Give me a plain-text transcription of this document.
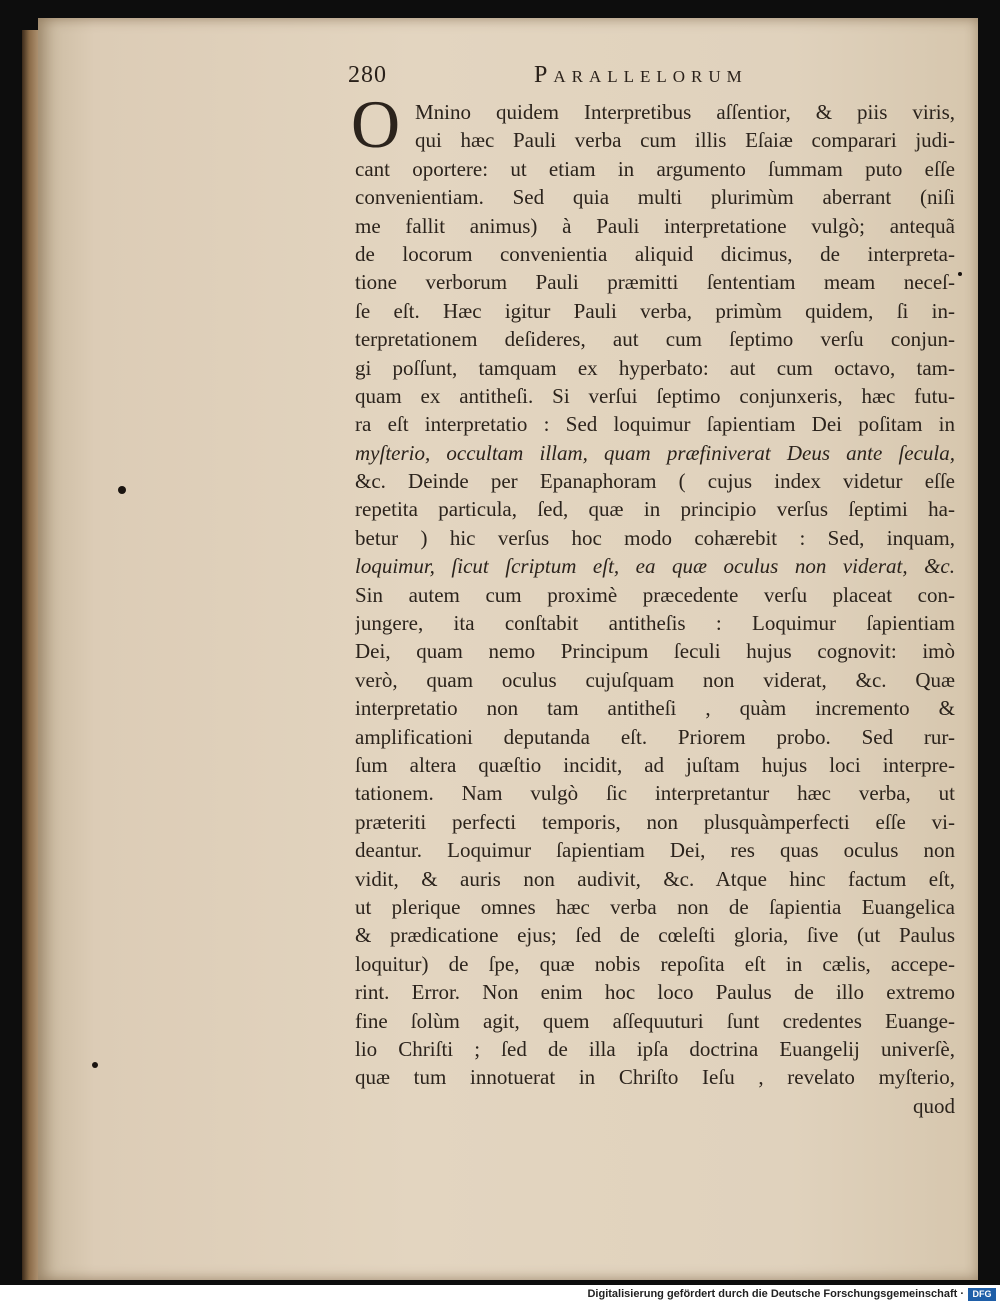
280	Parallelorum
O Mnino quidem Interpretibus aſſentior, & piis viris,
qui hæc Pauli verba cum illis Eſaiæ comparari judi-
cant oportere: ut etiam in argumento ſummam puto eſſe
convenientiam. Sed quia multi plurimùm aberrant (niſi
me fallit animus) à Pauli interpretatione vulgò; antequã
de locorum convenientia aliquid dicimus, de interpreta-
tione verborum Pauli præmitti ſententiam meam neceſ-
ſe eſt. Hæc igitur Pauli verba, primùm quidem, ſi in-
terpretationem deſideres, aut cum ſeptimo verſu conjun-
gi poſſunt, tamquam ex hyperbato: aut cum octavo, tam-
quam ex antitheſi. Si verſui ſeptimo conjunxeris, hæc futu-
ra eſt interpretatio : Sed loquimur ſapientiam Dei poſitam in
myſterio, occultam illam, quam præfiniverat Deus ante ſecula,
&c. Deinde per Epanaphoram ( cujus index videtur eſſe
repetita particula, ſed, quæ in principio verſus ſeptimi ha-
betur ) hic verſus hoc modo cohærebit : Sed, inquam,
loquimur, ſicut ſcriptum eſt, ea quæ oculus non viderat, &c.
Sin autem cum proximè præcedente verſu placeat con-
jungere, ita conſtabit antitheſis : Loquimur ſapientiam
Dei, quam nemo Principum ſeculi hujus cognovit: imò
verò, quam oculus cujuſquam non viderat, &c. Quæ
interpretatio non tam antitheſi , quàm incremento &
amplificationi deputanda eſt. Priorem probo. Sed rur-
ſum altera quæſtio incidit, ad juſtam hujus loci interpre-
tationem. Nam vulgò ſic interpretantur hæc verba, ut
præteriti perfecti temporis, non plusquàmperfecti eſſe vi-
deantur. Loquimur ſapientiam Dei, res quas oculus non
vidit, & auris non audivit, &c. Atque hinc factum eſt,
ut plerique omnes hæc verba non de ſapientia Euangelica
& prædicatione ejus; ſed de cœleſti gloria, ſive (ut Paulus
loquitur) de ſpe, quæ nobis repoſita eſt in cælis, accepe-
rint. Error. Non enim hoc loco Paulus de illo extremo
fine ſolùm agit, quem aſſequuturi ſunt credentes Euange-
lio Chriſti ; ſed de illa ipſa doctrina Euangelij univerſè,
quæ tum innotuerat in Chriſto Ieſu , revelato myſterio,
quod
Digitalisierung gefördert durch die Deutsche Forschungsgemeinschaft · DFG
